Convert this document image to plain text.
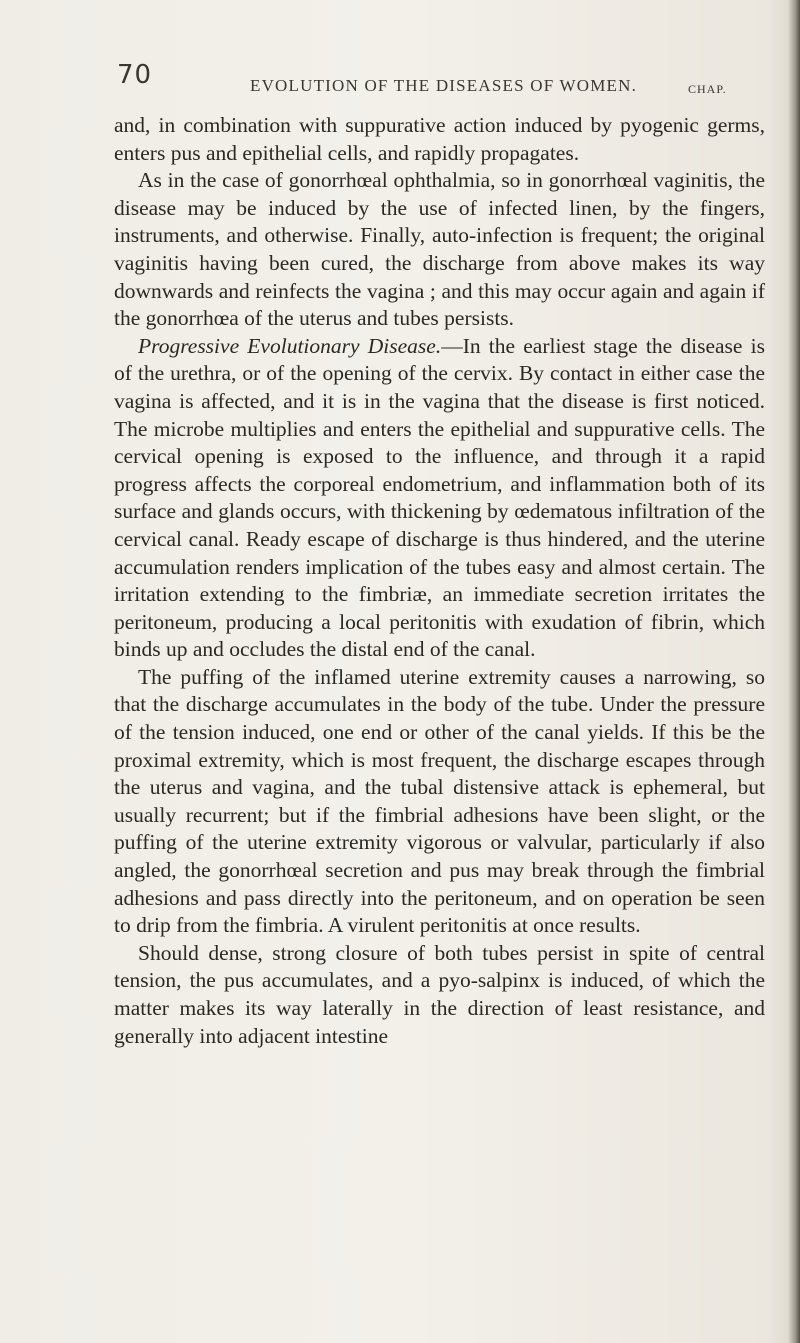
70	EVOLUTION OF THE DISEASES OF WOMEN.	CHAP.

and, in combination with suppurative action induced by pyogenic germs, enters pus and epithelial cells, and rapidly propagates.

As in the case of gonorrhœal ophthalmia, so in gonorrhœal vaginitis, the disease may be induced by the use of infected linen, by the fingers, instruments, and otherwise. Finally, auto-infection is frequent; the original vaginitis having been cured, the discharge from above makes its way downwards and reinfects the vagina ; and this may occur again and again if the gonorrhœa of the uterus and tubes persists.

Progressive Evolutionary Disease.—In the earliest stage the disease is of the urethra, or of the opening of the cervix. By contact in either case the vagina is affected, and it is in the vagina that the disease is first noticed. The microbe multiplies and enters the epithelial and suppurative cells. The cervical opening is exposed to the influence, and through it a rapid progress affects the corporeal endometrium, and inflammation both of its surface and glands occurs, with thickening by œdematous infiltration of the cervical canal. Ready escape of discharge is thus hindered, and the uterine accumulation renders implication of the tubes easy and almost certain. The irritation extending to the fimbriæ, an immediate secretion irritates the peritoneum, producing a local peritonitis with exudation of fibrin, which binds up and occludes the distal end of the canal.

The puffing of the inflamed uterine extremity causes a narrowing, so that the discharge accumulates in the body of the tube. Under the pressure of the tension induced, one end or other of the canal yields. If this be the proximal extremity, which is most frequent, the discharge escapes through the uterus and vagina, and the tubal distensive attack is ephemeral, but usually recurrent; but if the fimbrial adhesions have been slight, or the puffing of the uterine extremity vigorous or valvular, particularly if also angled, the gonorrhœal secretion and pus may break through the fimbrial adhesions and pass directly into the peritoneum, and on operation be seen to drip from the fimbria. A virulent peritonitis at once results.

Should dense, strong closure of both tubes persist in spite of central tension, the pus accumulates, and a pyo-salpinx is induced, of which the matter makes its way laterally in the direction of least resistance, and generally into adjacent intestine
